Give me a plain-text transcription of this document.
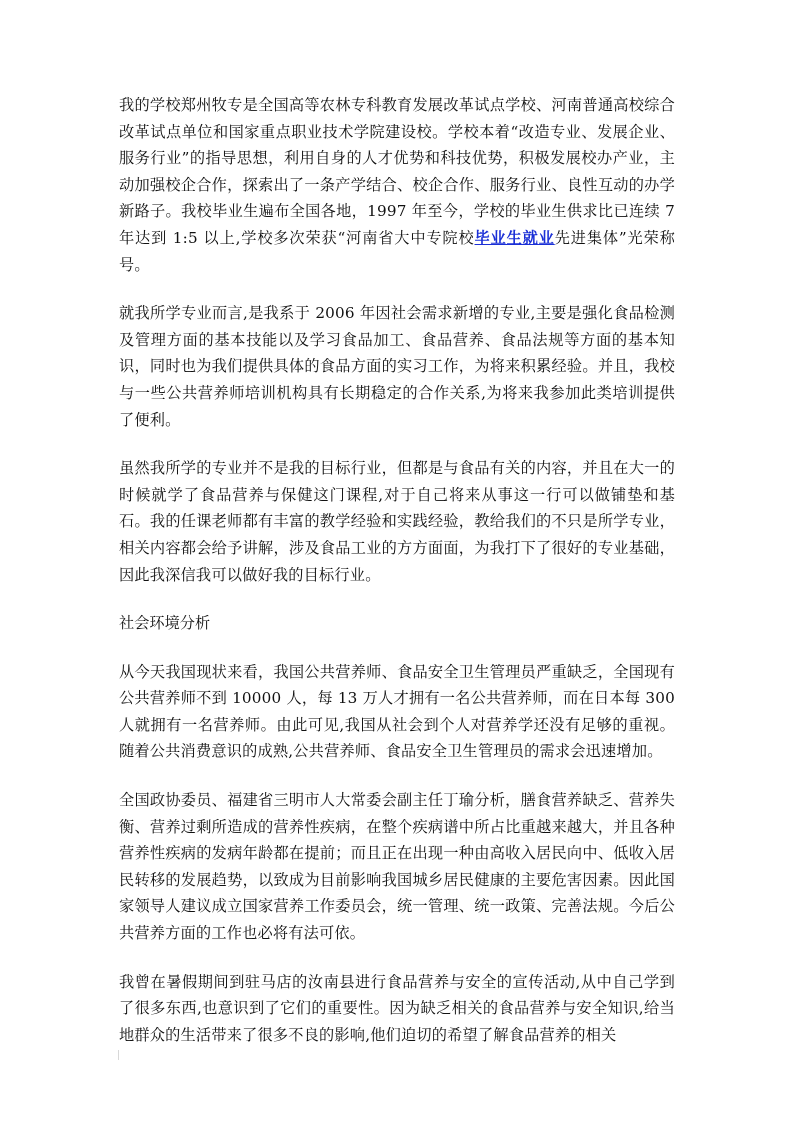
我的学校郑州牧专是全国高等农林专科教育发展改革试点学校、河南普通高校综合改革试点单位和国家重点职业技术学院建设校。学校本着“改造专业、发展企业、服务行业”的指导思想，利用自身的人才优势和科技优势，积极发展校办产业，主动加强校企合作，探索出了一条产学结合、校企合作、服务行业、良性互动的办学新路子。我校毕业生遍布全国各地，1997 年至今，学校的毕业生供求比已连续 7 年达到 1:5 以上,学校多次荣获“河南省大中专院校毕业生就业先进集体”光荣称号。

就我所学专业而言,是我系于 2006 年因社会需求新增的专业,主要是强化食品检测及管理方面的基本技能以及学习食品加工、食品营养、食品法规等方面的基本知识，同时也为我们提供具体的食品方面的实习工作，为将来积累经验。并且，我校与一些公共营养师培训机构具有长期稳定的合作关系,为将来我参加此类培训提供了便利。

虽然我所学的专业并不是我的目标行业，但都是与食品有关的内容，并且在大一的时候就学了食品营养与保健这门课程,对于自己将来从事这一行可以做铺垫和基石。我的任课老师都有丰富的教学经验和实践经验，教给我们的不只是所学专业，相关内容都会给予讲解，涉及食品工业的方方面面，为我打下了很好的专业基础，因此我深信我可以做好我的目标行业。

社会环境分析

从今天我国现状来看，我国公共营养师、食品安全卫生管理员严重缺乏，全国现有公共营养师不到 10000 人，每 13 万人才拥有一名公共营养师，而在日本每 300人就拥有一名营养师。由此可见,我国从社会到个人对营养学还没有足够的重视。随着公共消费意识的成熟,公共营养师、食品安全卫生管理员的需求会迅速增加。

全国政协委员、福建省三明市人大常委会副主任丁瑜分析，膳食营养缺乏、营养失衡、营养过剩所造成的营养性疾病，在整个疾病谱中所占比重越来越大，并且各种营养性疾病的发病年龄都在提前；而且正在出现一种由高收入居民向中、低收入居民转移的发展趋势，以致成为目前影响我国城乡居民健康的主要危害因素。因此国家领导人建议成立国家营养工作委员会，统一管理、统一政策、完善法规。今后公共营养方面的工作也必将有法可依。

我曾在暑假期间到驻马店的汝南县进行食品营养与安全的宣传活动,从中自己学到了很多东西,也意识到了它们的重要性。因为缺乏相关的食品营养与安全知识,给当地群众的生活带来了很多不良的影响,他们迫切的希望了解食品营养的相关
